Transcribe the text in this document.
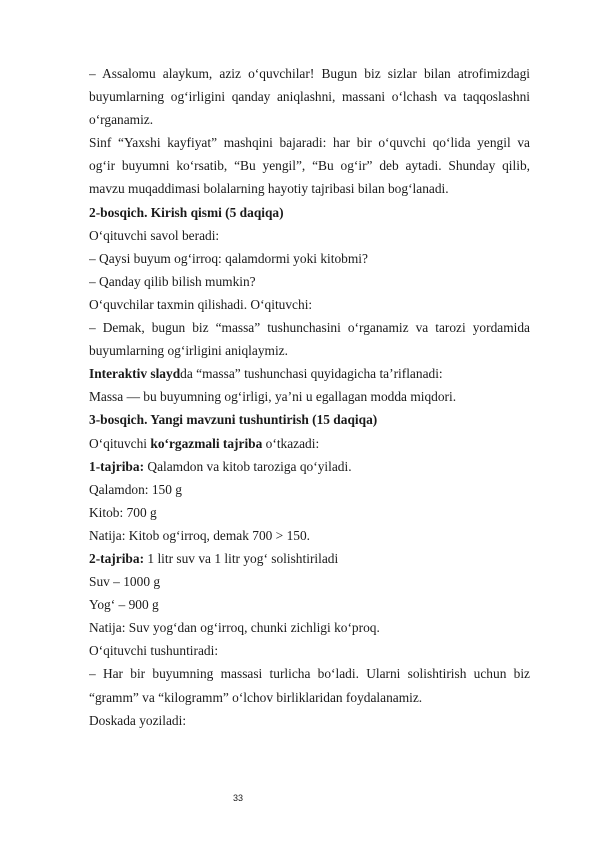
– Assalomu alaykum, aziz o‘quvchilar! Bugun biz sizlar bilan atrofimizdagi
buyumlarning og‘irligini qanday aniqlashni, massani o‘lchash va taqqoslashni
o‘rganamiz.
Sinf “Yaxshi kayfiyat” mashqini bajaradi: har bir o‘quvchi qo‘lida yengil va
og‘ir buyumni ko‘rsatib, “Bu yengil”, “Bu og‘ir” deb aytadi. Shunday qilib,
mavzu muqaddimasi bolalarning hayotiy tajribasi bilan bog‘lanadi.
2-bosqich. Kirish qismi (5 daqiqa)
O‘qituvchi savol beradi:
– Qaysi buyum og‘irroq: qalamdormi yoki kitobmi?
– Qanday qilib bilish mumkin?
O‘quvchilar taxmin qilishadi. O‘qituvchi:
– Demak, bugun biz “massa” tushunchasini o‘rganamiz va tarozi yordamida
buyumlarning og‘irligini aniqlaymiz.
Interaktiv slaydda “massa” tushunchasi quyidagicha ta’riflanadi:
Massa — bu buyumning og‘irligi, ya’ni u egallagan modda miqdori.
3-bosqich. Yangi mavzuni tushuntirish (15 daqiqa)
O‘qituvchi ko‘rgazmali tajriba o‘tkazadi:
1-tajriba: Qalamdon va kitob taroziga qo‘yiladi.
Qalamdon: 150 g
Kitob: 700 g
Natija: Kitob og‘irroq, demak 700 > 150.
2-tajriba: 1 litr suv va 1 litr yog‘ solishtiriladi
Suv – 1000 g
Yog‘ – 900 g
Natija: Suv yog‘dan og‘irroq, chunki zichligi ko‘proq.
O‘qituvchi tushuntiradi:
– Har bir buyumning massasi turlicha bo‘ladi. Ularni solishtirish uchun biz
“gramm” va “kilogramm” o‘lchov birliklaridan foydalanamiz.
Doskada yoziladi:
33
